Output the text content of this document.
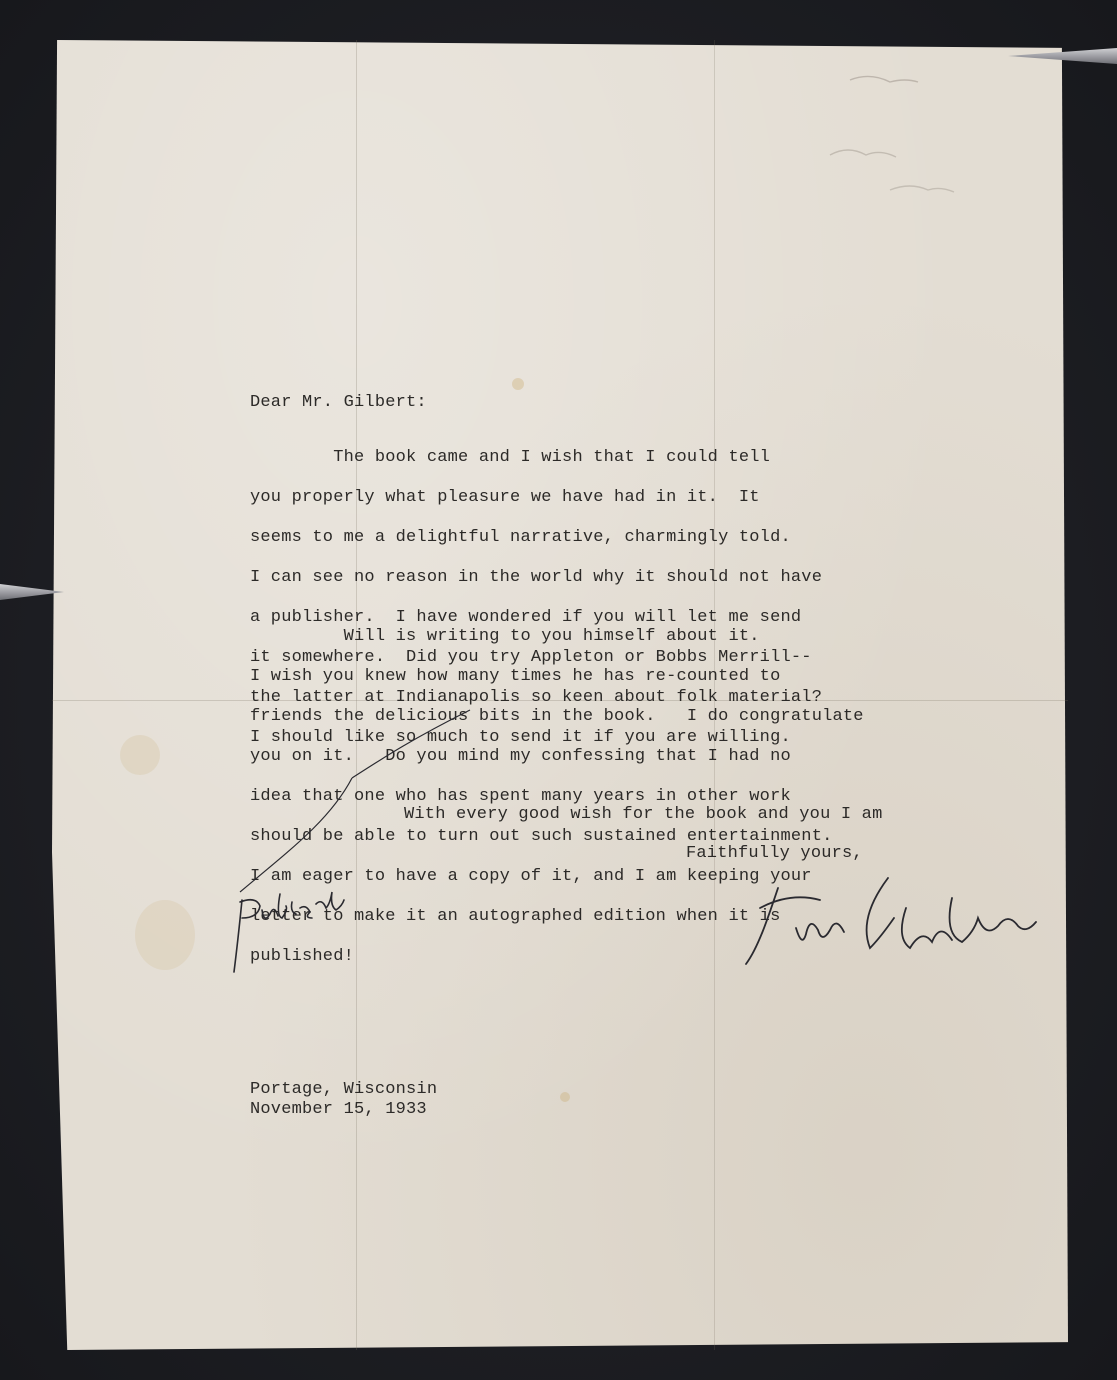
Dear Mr. Gilbert:

The book came and I wish that I could tell

you properly what pleasure we have had in it.  It

seems to me a delightful narrative, charmingly told.

I can see no reason in the world why it should not have

a publisher.  I have wondered if you will let me send

it somewhere.  Did you try Appleton or Bobbs Merrill--

the latter at Indianapolis so keen about folk material?

I should like so much to send it if you are willing.

Will is writing to you himself about it.

I wish you knew how many times he has re-counted to

friends the delicious bits in the book.   I do congratulate

you on it.   Do you mind my confessing that I had no

idea that one who has spent many years in other work

should be able to turn out such sustained entertainment.

I am eager to have a copy of it, and I am keeping your

letter to make it an autographed edition when it is

published!

With every good wish for the book and you I am
Faithfully yours,
Portage, Wisconsin
November 15, 1933
